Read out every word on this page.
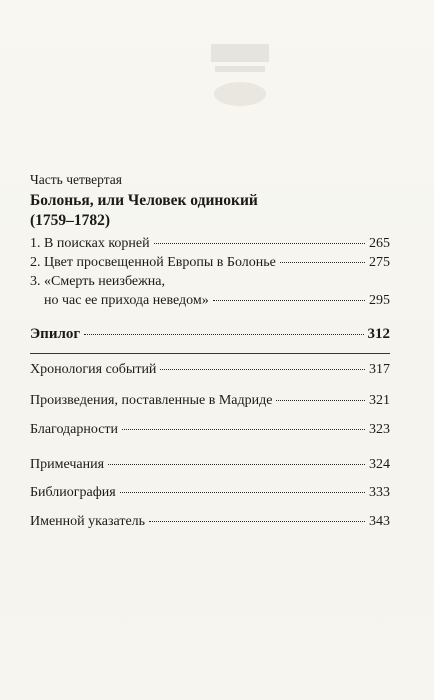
Часть четвертая
Болонья, или Человек одинокий
(1759–1782)
1. В поисках корней	265
2. Цвет просвещенной Европы в Болонье	275
3. «Смерть неизбежна,
но час ее прихода неведом»	295
Эпилог	312
Хронология событий	317
Произведения, поставленные в Мадриде	321
Благодарности	323
Примечания	324
Библиография	333
Именной указатель	343
